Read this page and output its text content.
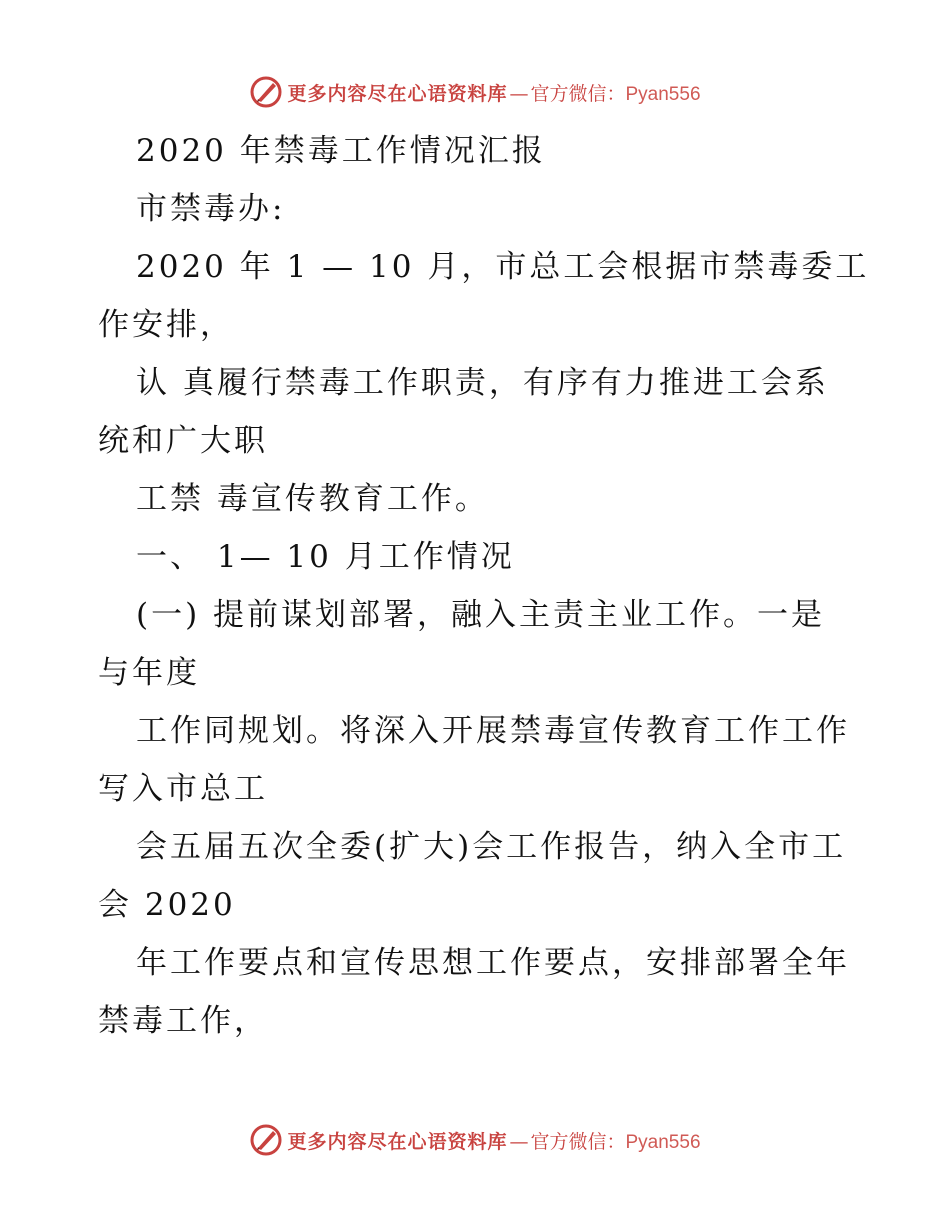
更多内容尽在心语资料库 — 官方微信： Pyan556
2020 年禁毒工作情况汇报
市禁毒办:
2020 年 1 — 10 月，市总工会根据市禁毒委工
作安排，
认 真履行禁毒工作职责，有序有力推进工会系
统和广大职
工禁 毒宣传教育工作。
一、 1— 10 月工作情况
(一) 提前谋划部署，融入主责主业工作。一是
与年度
工作同规划。将深入开展禁毒宣传教育工作工作
写入市总工
会五届五次全委(扩大)会工作报告，纳入全市工
会 2020
年工作要点和宣传思想工作要点，安排部署全年
禁毒工作，
更多内容尽在心语资料库 — 官方微信： Pyan556
